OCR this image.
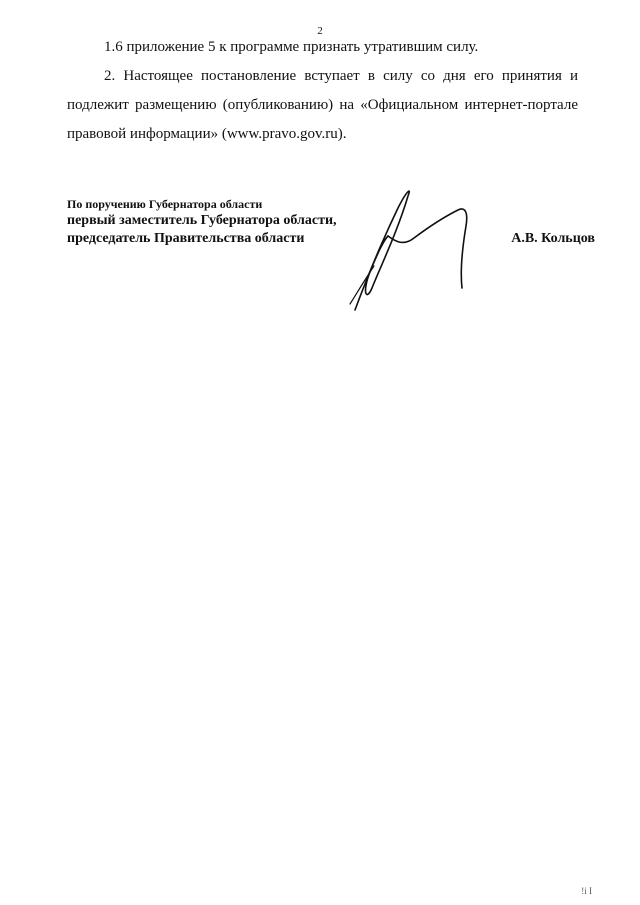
2
1.6 приложение 5 к программе признать утратившим силу.
2. Настоящее постановление вступает в силу со дня его принятия и подлежит размещению (опубликованию) на «Официальном интернет-портале правовой информации» (www.pravo.gov.ru).
По поручению Губернатора области
первый заместитель Губернатора области,
председатель Правительства области	А.В. Кольцов
!i I
